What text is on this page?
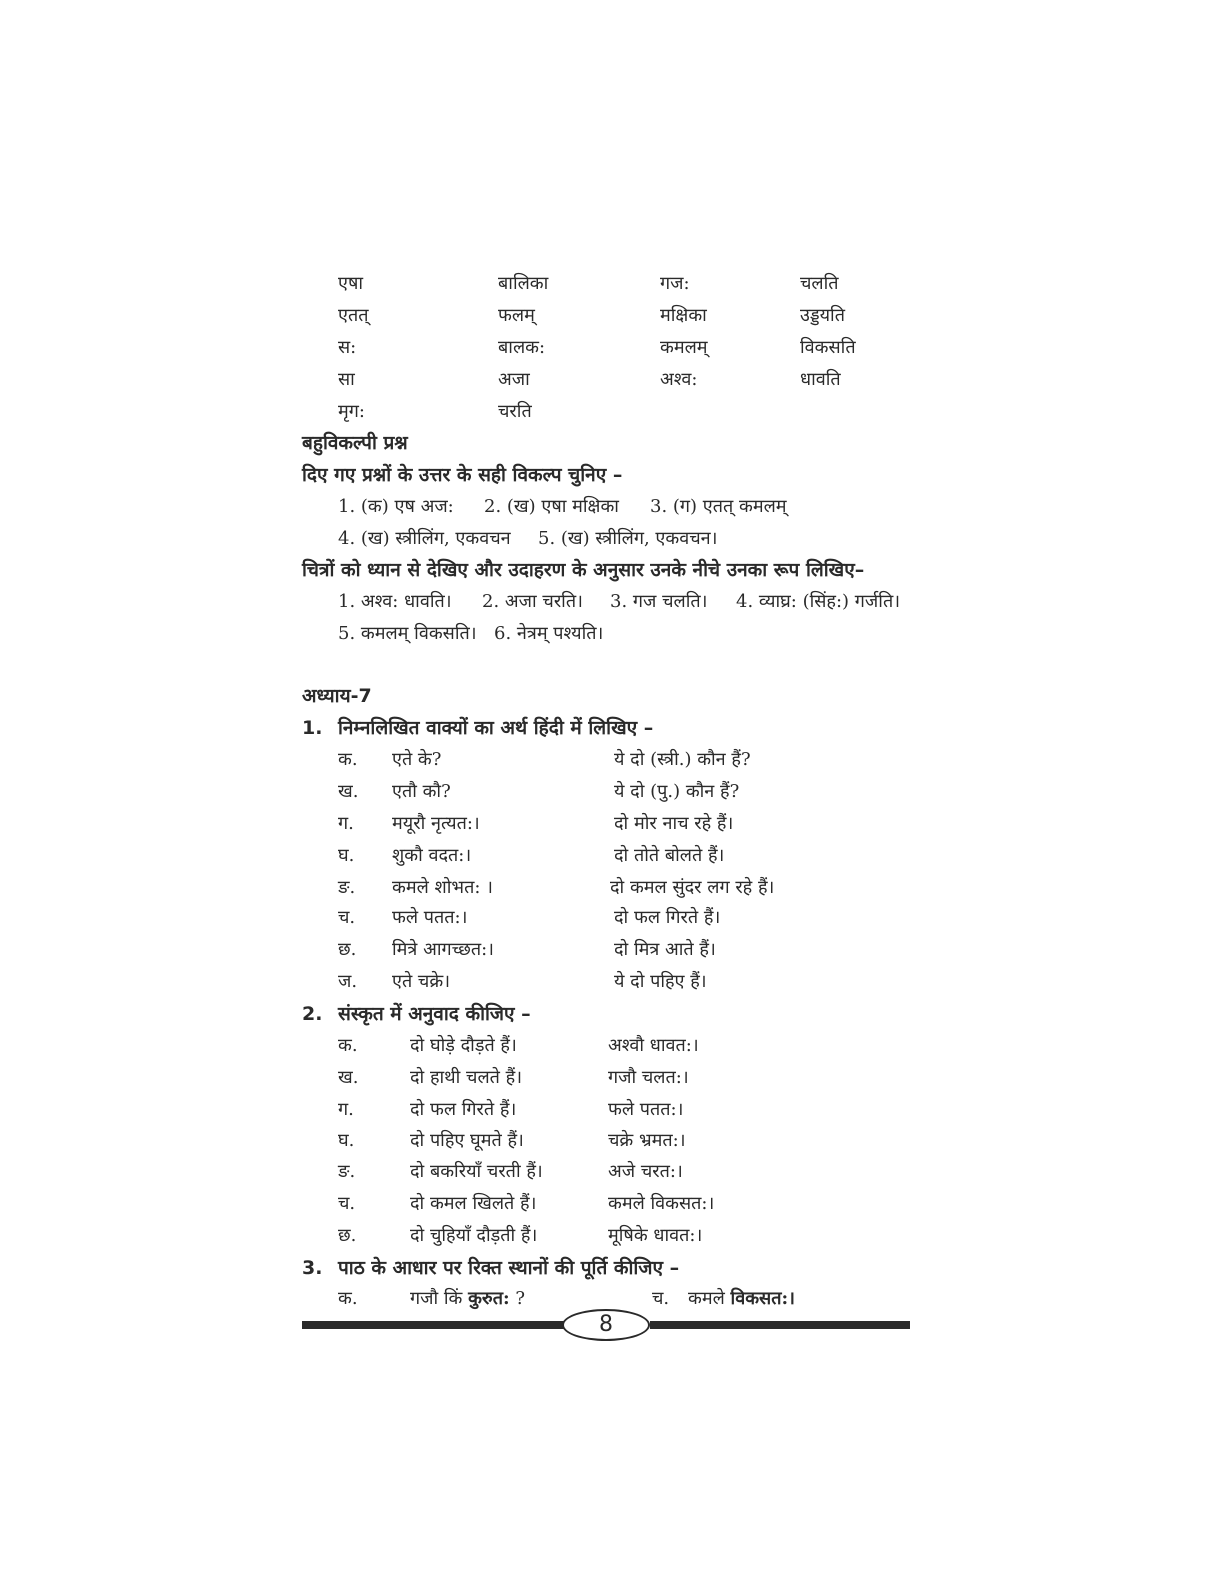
एषा	बालिका	गज:	चलति
एतत्	फलम्	मक्षिका	उड्डयति
स:	बालक:	कमलम्	विकसति
सा	अजा	अश्व:	धावति
मृग:	चरति
बहुविकल्पी प्रश्न
दिए गए प्रश्नों के उत्तर के सही विकल्प चुनिए –
1. (क) एष अज: 2. (ख) एषा मक्षिका 3. (ग) एतत् कमलम्
4. (ख) स्त्रीलिंग, एकवचन 5. (ख) स्त्रीलिंग, एकवचन।
चित्रों को ध्यान से देखिए और उदाहरण के अनुसार उनके नीचे उनका रूप लिखिए–
1. अश्व: धावति। 2. अजा चरति। 3. गज चलति। 4. व्याघ्र: (सिंह:) गर्जति।
5. कमलम् विकसति। 6. नेत्रम् पश्यति।
अध्याय-7
1. निम्नलिखित वाक्यों का अर्थ हिंदी में लिखिए –
क. एते के?	ये दो (स्त्री.) कौन हैं?
ख. एतौ कौ?	ये दो (पु.) कौन हैं?
ग. मयूरौ नृत्यत:।	दो मोर नाच रहे हैं।
घ. शुकौ वदत:।	दो तोते बोलते हैं।
ङ. कमले शोभत: ।	दो कमल सुंदर लग रहे हैं।
च. फले पतत:।	दो फल गिरते हैं।
छ. मित्रे आगच्छत:।	दो मित्र आते हैं।
ज. एते चक्रे।	ये दो पहिए हैं।
2. संस्कृत में अनुवाद कीजिए –
क.	दो घोड़े दौड़ते हैं।	अश्वौ धावत:।
ख.	दो हाथी चलते हैं।	गजौ चलत:।
ग.	दो फल गिरते हैं।	फले पतत:।
घ.	दो पहिए घूमते हैं।	चक्रे भ्रमत:।
ङ.	दो बकरियाँ चरती हैं।	अजे चरत:।
च.	दो कमल खिलते हैं।	कमले विकसत:।
छ.	दो चुहियाँ दौड़ती हैं।	मूषिके धावत:।
3. पाठ के आधार पर रिक्त स्थानों की पूर्ति कीजिए –
क.	गजौ किं कुरुत: ?	च. कमले विकसत:।
8
